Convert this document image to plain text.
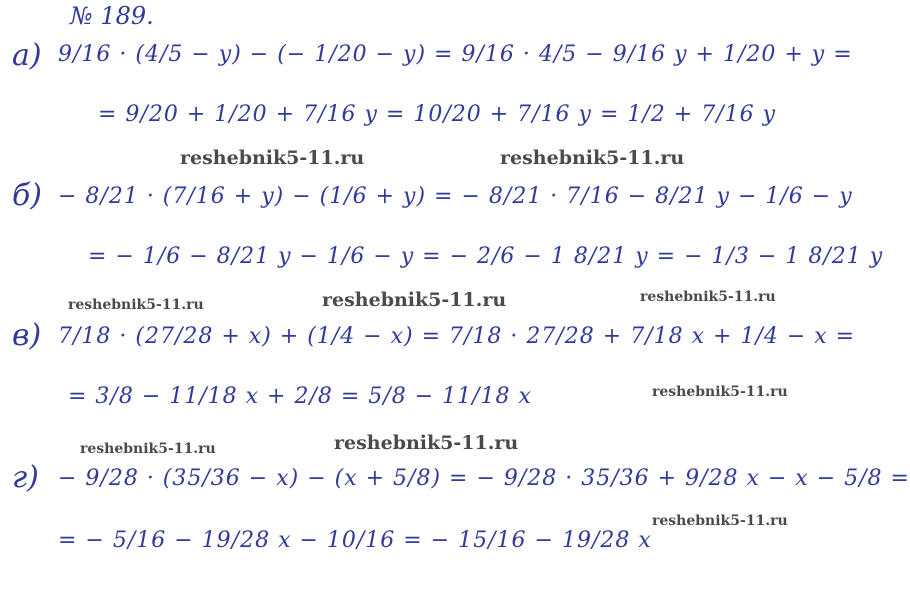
№ 189.
а) 9/16 · (4/5 − y) − (− 1/20 − y) = 9/16 · 4/5 − 9/16 y + 1/20 + y =
= 9/20 + 1/20 + 7/16 y = 10/20 + 7/16 y = 1/2 + 7/16 y
б) − 8/21 · (7/16 + y) − (1/6 + y) = − 8/21 · 7/16 − 8/21 y − 1/6 − y
= − 1/6 − 8/21 y − 1/6 − y = − 2/6 − 1 8/21 y = − 1/3 − 1 8/21 y
в) 7/18 · (27/28 + x) + (1/4 − x) = 7/18 · 27/28 + 7/18 x + 1/4 − x =
= 3/8 − 11/18 x + 2/8 = 5/8 − 11/18 x
г) − 9/28 · (35/36 − x) − (x + 5/8) = − 9/28 · 35/36 + 9/28 x − x − 5/8 =
= − 5/16 − 19/28 x − 10/16 = − 15/16 − 19/28 x
reshebnik5-11.ru	reshebnik5-11.ru
reshebnik5-11.ru	reshebnik5-11.ru	reshebnik5-11.ru
reshebnik5-11.ru
reshebnik5-11.ru	reshebnik5-11.ru
reshebnik5-11.ru
